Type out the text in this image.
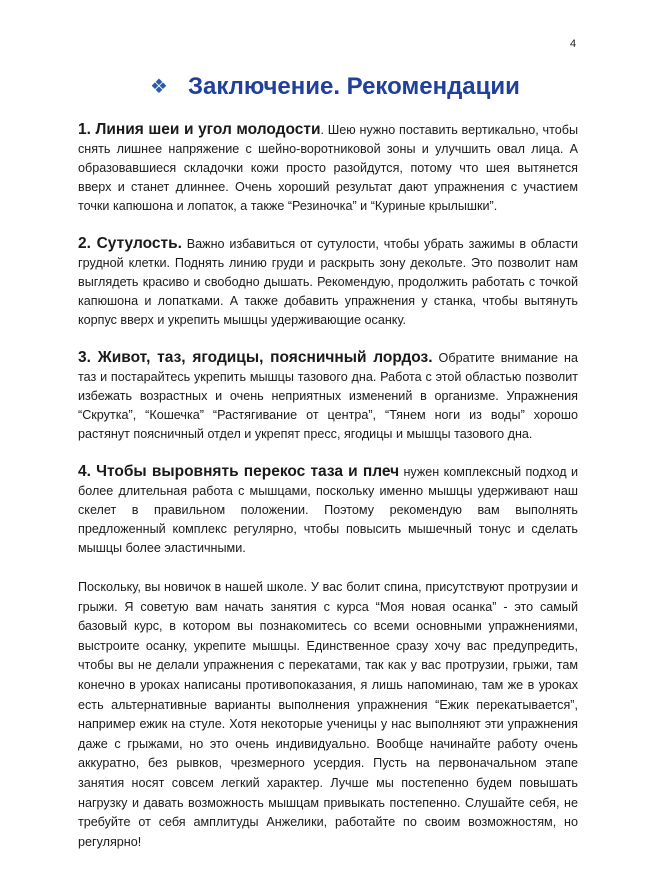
4
❖ Заключение. Рекомендации

1. Линия шеи и угол молодости. Шею нужно поставить вертикально, чтобы снять лишнее напряжение с шейно-воротниковой зоны и улучшить овал лица. А образовавшиеся складочки кожи просто разойдутся, потому что шея вытянется вверх и станет длиннее. Очень хороший результат дают упражнения с участием точки капюшона и лопаток, а также “Резиночка” и “Куриные крылышки”.

2. Сутулость. Важно избавиться от сутулости, чтобы убрать зажимы в области грудной клетки. Поднять линию груди и раскрыть зону декольте. Это позволит нам выглядеть красиво и свободно дышать. Рекомендую, продолжить работать с точкой капюшона и лопатками. А также добавить упражнения у станка, чтобы вытянуть корпус вверх и укрепить мышцы удерживающие осанку.

3. Живот, таз, ягодицы, поясничный лордоз. Обратите внимание на таз и постарайтесь укрепить мышцы тазового дна. Работа с этой областью позволит избежать возрастных и очень неприятных изменений в организме. Упражнения “Скрутка”, “Кошечка” “Растягивание от центра”, “Тянем ноги из воды” хорошо растянут поясничный отдел и укрепят пресс, ягодицы и мышцы тазового дна.

4. Чтобы выровнять перекос таза и плеч нужен комплексный подход и более длительная работа с мышцами, поскольку именно мышцы удерживают наш скелет в правильном положении. Поэтому рекомендую вам выполнять предложенный комплекс регулярно, чтобы повысить мышечный тонус и сделать мышцы более эластичными.

Поскольку, вы новичок в нашей школе. У вас болит спина, присутствуют протрузии и грыжи. Я советую вам начать занятия с курса “Моя новая осанка” - это самый базовый курс, в котором вы познакомитесь со всеми основными упражнениями, выстроите осанку, укрепите мышцы. Единственное сразу хочу вас предупредить, чтобы вы не делали упражнения с перекатами, так как у вас протрузии, грыжи, там конечно в уроках написаны противопоказания, я лишь напоминаю, там же в уроках есть альтернативные варианты выполнения упражнения “Ежик перекатывается”, например ежик на стуле. Хотя некоторые ученицы у нас выполняют эти упражнения даже с грыжами, но это очень индивидуально. Вообще начинайте работу очень аккуратно, без рывков, чрезмерного усердия. Пусть на первоначальном этапе занятия носят совсем легкий характер. Лучше мы постепенно будем повышать нагрузку и давать возможность мышцам привыкать постепенно. Слушайте себя, не требуйте от себя амплитуды Анжелики, работайте по своим возможностям, но регулярно!
